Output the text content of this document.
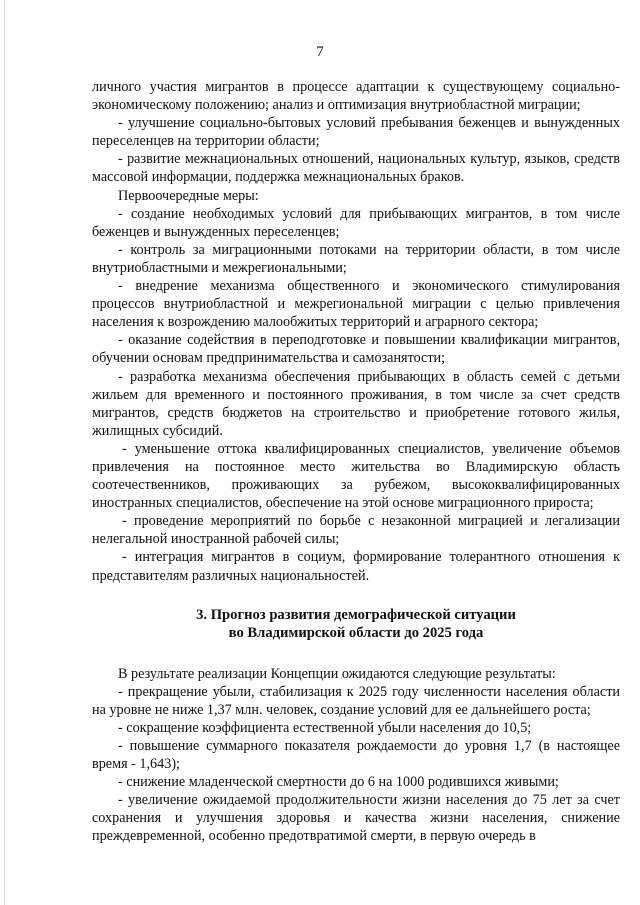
7

личного участия мигрантов в процессе адаптации к существующему социально-экономическому положению; анализ и оптимизация внутриобластной миграции;

- улучшение социально-бытовых условий пребывания беженцев и вынужденных переселенцев на территории области;

- развитие межнациональных отношений, национальных культур, языков, средств массовой информации, поддержка межнациональных браков.

Первоочередные меры:

- создание необходимых условий для прибывающих мигрантов, в том числе беженцев и вынужденных переселенцев;

- контроль за миграционными потоками на территории области, в том числе внутриобластными и межрегиональными;

- внедрение механизма общественного и экономического стимулирования процессов внутриобластной и межрегиональной миграции с целью привлечения населения к возрождению малообжитых территорий и аграрного сектора;

- оказание содействия в переподготовке и повышении квалификации мигрантов, обучении основам предпринимательства и самозанятости;

- разработка механизма обеспечения прибывающих в область семей с детьми жильем для временного и постоянного проживания, в том числе за счет средств мигрантов, средств бюджетов на строительство и приобретение готового жилья, жилищных субсидий.

- уменьшение оттока квалифицированных специалистов, увеличение объемов привлечения на постоянное место жительства во Владимирскую область соотечественников, проживающих за рубежом, высококвалифицированных иностранных специалистов, обеспечение на этой основе миграционного прироста;

- проведение мероприятий по борьбе с незаконной миграцией и легализации нелегальной иностранной рабочей силы;

- интеграция мигрантов в социум, формирование толерантного отношения к представителям различных национальностей.

3. Прогноз развития демографической ситуации
во Владимирской области до 2025 года

В результате реализации Концепции ожидаются следующие результаты:

- прекращение убыли, стабилизация к 2025 году численности населения области на уровне не ниже 1,37 млн. человек, создание условий для ее дальнейшего роста;

- сокращение коэффициента естественной убыли населения до 10,5;

- повышение суммарного показателя рождаемости до уровня 1,7 (в настоящее время - 1,643);

- снижение младенческой смертности до 6 на 1000 родившихся живыми;

- увеличение ожидаемой продолжительности жизни населения до 75 лет за счет сохранения и улучшения здоровья и качества жизни населения, снижение преждевременной, особенно предотвратимой смерти, в первую очередь в
